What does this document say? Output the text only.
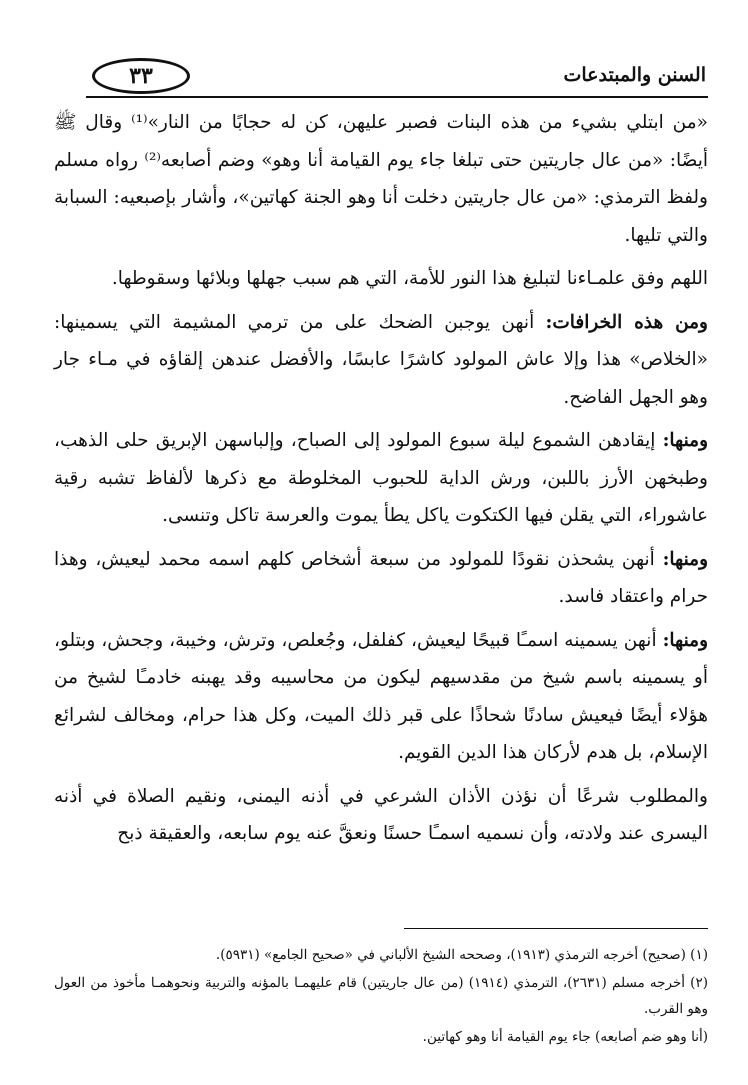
٣٣	السنن والمبتدعات

«من ابتلي بشيء من هذه البنات فصبر عليهن، كن له حجابًا من النار»⁽¹⁾ وقال ﷺ أيضًا: «من عال جاريتين حتى تبلغا جاء يوم القيامة أنا وهو» وضم أصابعه⁽²⁾ رواه مسلم ولفظ الترمذي: «من عال جاريتين دخلت أنا وهو الجنة كهاتين»، وأشار بإصبعيه: السبابة والتي تليها.

اللهم وفق علمـاءنا لتبليغ هذا النور للأمة، التي هم سبب جهلها وبلائها وسقوطها.

ومن هذه الخرافات: أنهن يوجبن الضحك على من ترمي المشيمة التي يسمينها: «الخلاص» هذا وإلا عاش المولود كاشرًا عابسًا، والأفضل عندهن إلقاؤه في مـاء جار وهو الجهل الفاضح.

ومنها: إيقادهن الشموع ليلة سبوع المولود إلى الصباح، وإلباسهن الإبريق حلى الذهب، وطبخهن الأرز باللبن، ورش الداية للحبوب المخلوطة مع ذكرها لألفاظ تشبه رقية عاشوراء، التي يقلن فيها الكتكوت ياكل يطأ يموت والعرسة تاكل وتنسى.

ومنها: أنهن يشحذن نقودًا للمولود من سبعة أشخاص كلهم اسمه محمد ليعيش، وهذا حرام واعتقاد فاسد.

ومنها: أنهن يسمينه اسمـًا قبيحًا ليعيش، كفلفل، وجُعلص، وترش، وخيبة، وجحش، وبتلو، أو يسمينه باسم شيخ من مقدسيهم ليكون من محاسيبه وقد يهبنه خادمـًا لشيخ من هؤلاء أيضًا فيعيش سادنًا شحاذًا على قبر ذلك الميت، وكل هذا حرام، ومخالف لشرائع الإسلام، بل هدم لأركان هذا الدين القويم.

والمطلوب شرعًا أن نؤذن الأذان الشرعي في أذنه اليمنى، ونقيم الصلاة في أذنه اليسرى عند ولادته، وأن نسميه اسمـًا حسنًا ونعقَّ عنه يوم سابعه، والعقيقة ذبح

(١) (صحيح) أخرجه الترمذي (١٩١٣)، وصححه الشيخ الألباني في «صحيح الجامع» (٥٩٣١).

(٢) أخرجه مسلم (٢٦٣١)، الترمذي (١٩١٤) (من عال جاريتين) قام عليهمـا بالمؤنه والتربية ونحوهمـا مأخوذ من العول وهو القرب.

(أنا وهو ضم أصابعه) جاء يوم القيامة أنا وهو كهاتين.
